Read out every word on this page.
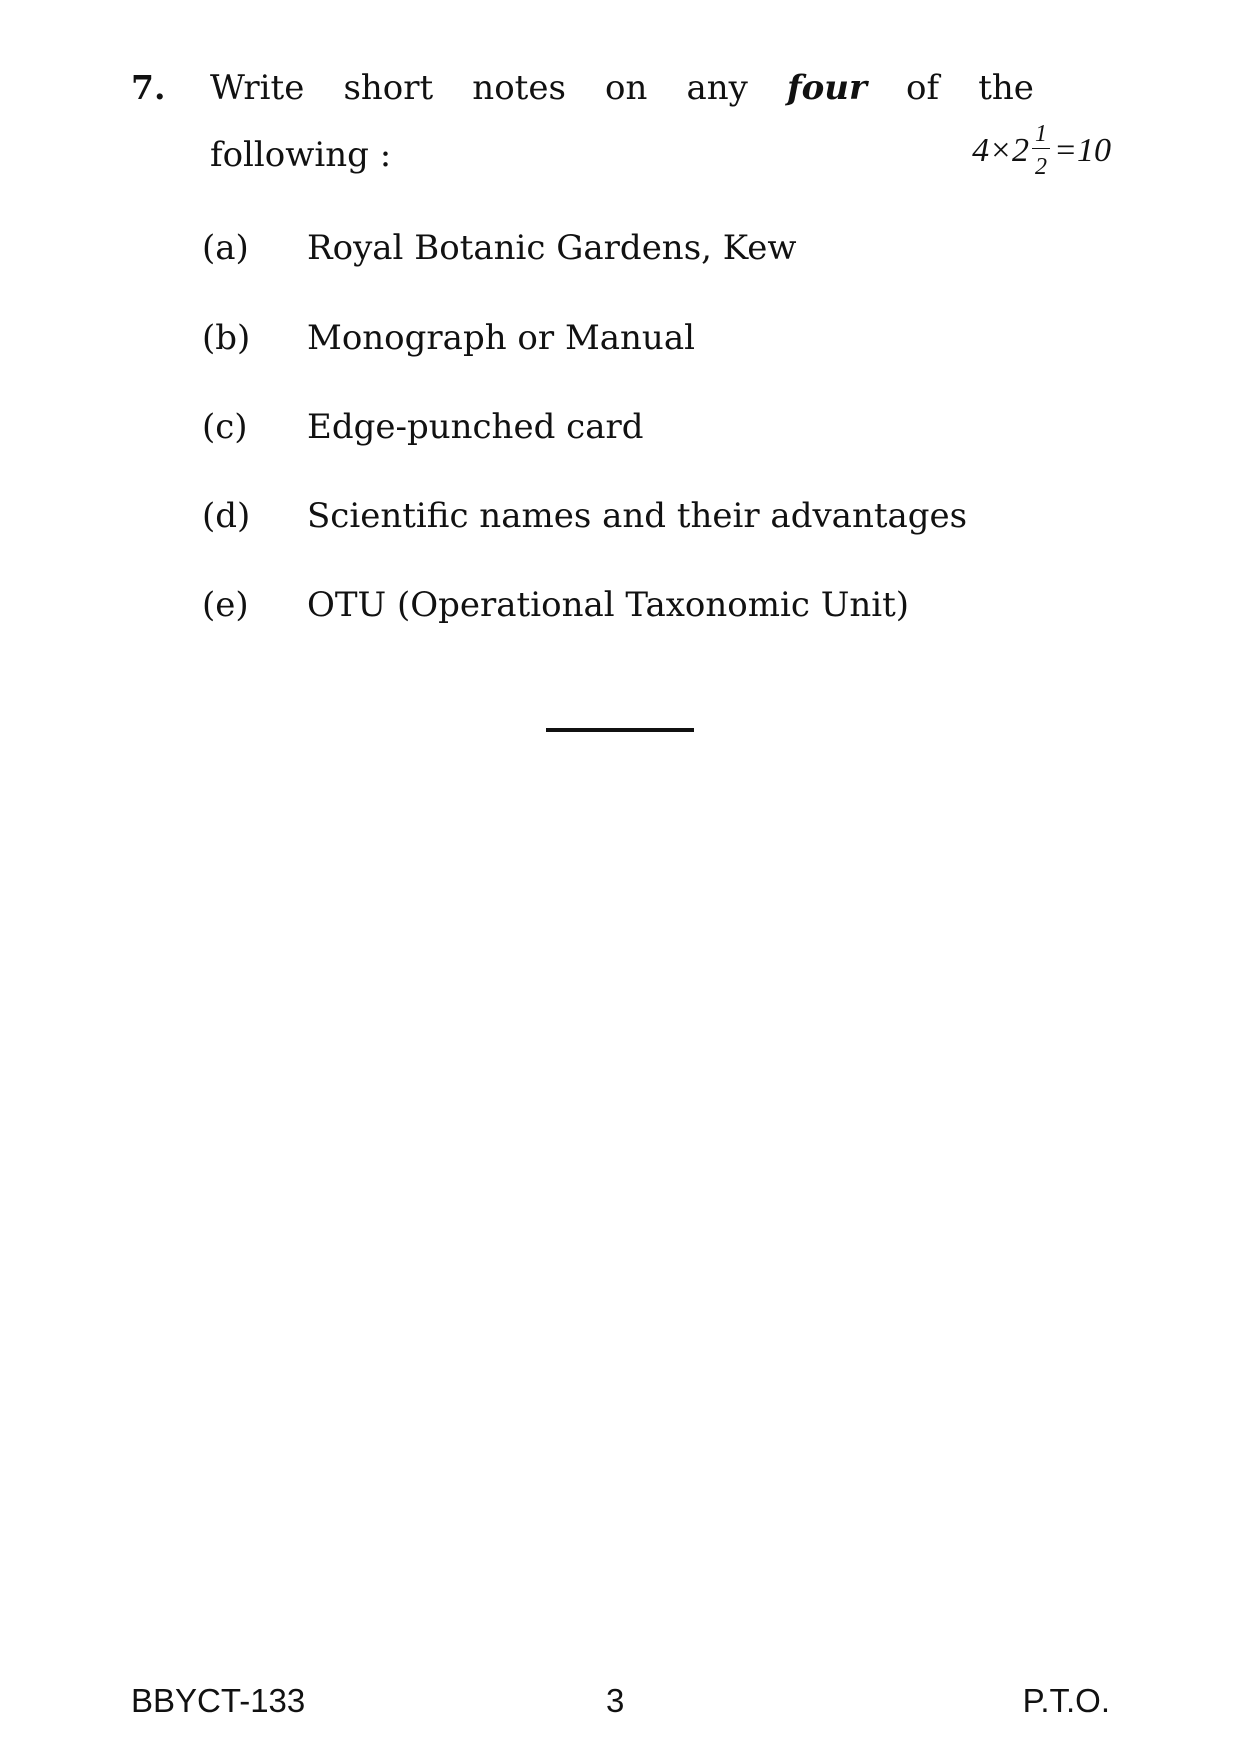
7. Write short notes on any four of the
following :	$4\times 2 \frac{1}{2} =10$
(a) Royal Botanic Gardens, Kew
(b) Monograph or Manual
(c) Edge-punched card
(d) Scientific names and their advantages
(e) OTU (Operational Taxonomic Unit)
BBYCT-133	3	P.T.O.
